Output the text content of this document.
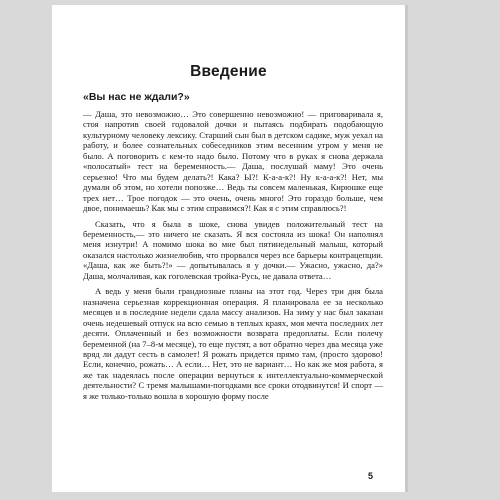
Введение
«Вы нас не ждали?»

— Даша, это невозможно… Это совершенно невозможно! — приговаривала я, стоя напротив своей годовалой дочки и пытаясь подбирать подобающую культурному человеку лексику. Старший сын был в детском садике, муж уехал на работу, и более сознательных собеседников этим весенним утром у меня не было. А поговорить с кем-то надо было. Потому что в руках я снова держала «полосатый» тест на беременность.— Даша, послушай маму! Это очень серьезно! Что мы будем делать?! Кака? Ы?! К-а-а-к?! Ну к-а-а-к?! Нет, мы думали об этом, но хотели попозже… Ведь ты совсем маленькая, Кирюшке еще трех нет… Трое погодок — это очень, очень много! Это гораздо больше, чем двое, понимаешь? Как мы с этим справимся?! Как я с этим справлюсь?!

Сказать, что я была в шоке, снова увидев положительный тест на беременность,— это ничего не сказать. Я вся состояла из шока! Он наполнял меня изнутри! А помимо шока во мне был пятинедельный малыш, который оказался настолько жизнелюбив, что прорвался через все барьеры контрацепции. «Даша, как же быть?!» — допытывалась я у дочки.— Ужасно, ужасно, да?» Даша, молчаливая, как гоголевская тройка-Русь, не давала ответа…

А ведь у меня были грандиозные планы на этот год. Через три дня была назначена серьезная коррекционная операция. Я планировала ее за несколько месяцев и в последние недели сдала массу анализов. На зиму у нас был заказан очень недешевый отпуск на всю семью в теплых краях, моя мечта последних лет десяти. Оплаченный и без возможности возврата предоплаты. Если полечу беременной (на 7–8-м месяце), то еще пустят, а вот обратно через два месяца уже вряд ли дадут сесть в самолет! Я рожать придется прямо там, (просто здорово! Если, конечно, рожать… А если… Нет, это не вариант… Но как же моя работа, я же так надеялась после операции вернуться к интеллектуально-коммерческой деятельности? С тремя малышами-погодками все сроки отодвинутся! И спорт — я же только-только вошла в хорошую форму после

5
